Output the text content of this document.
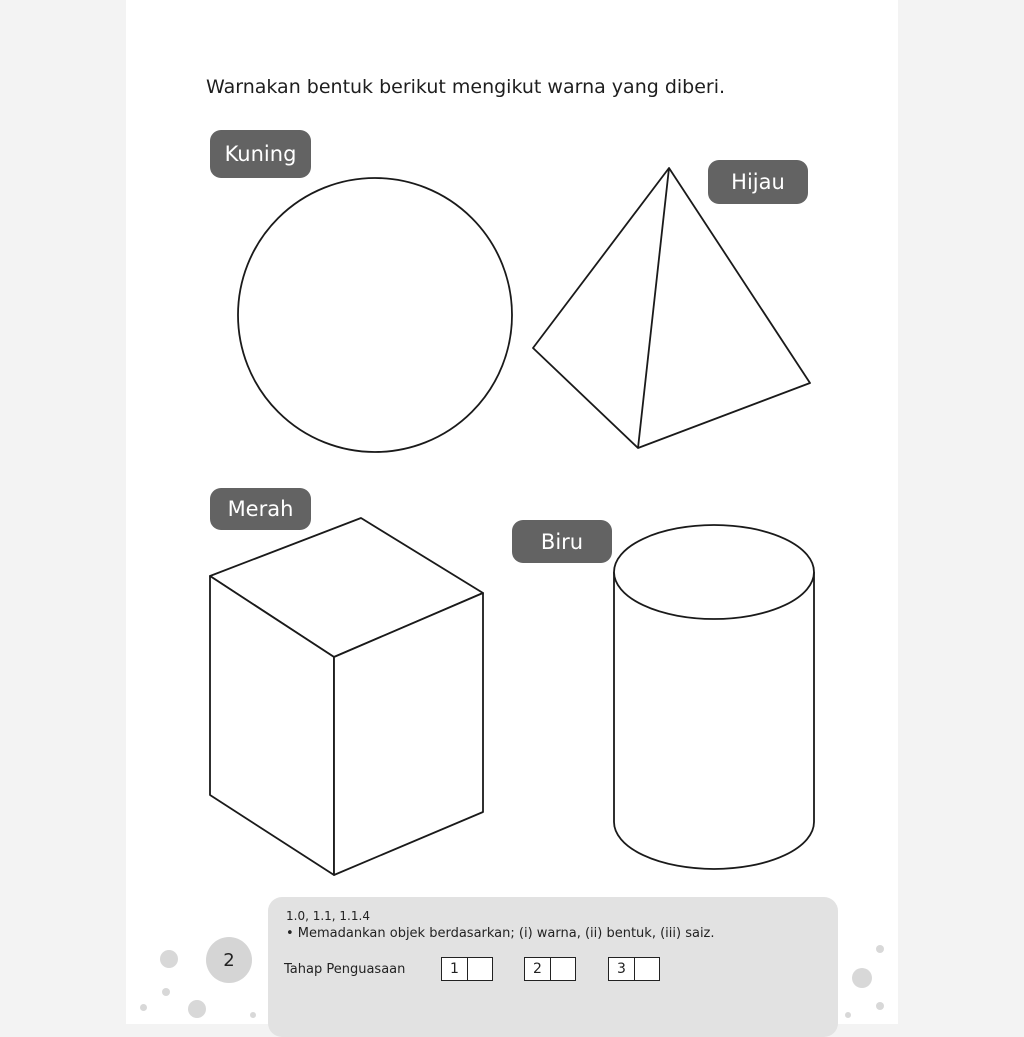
Warnakan bentuk berikut mengikut warna yang diberi.
Kuning
Hijau
Merah
Biru
1.0, 1.1, 1.1.4
• Memadankan objek berdasarkan; (i) warna, (ii) bentuk, (iii) saiz.
Tahap Penguasaan	1	2	3
2
